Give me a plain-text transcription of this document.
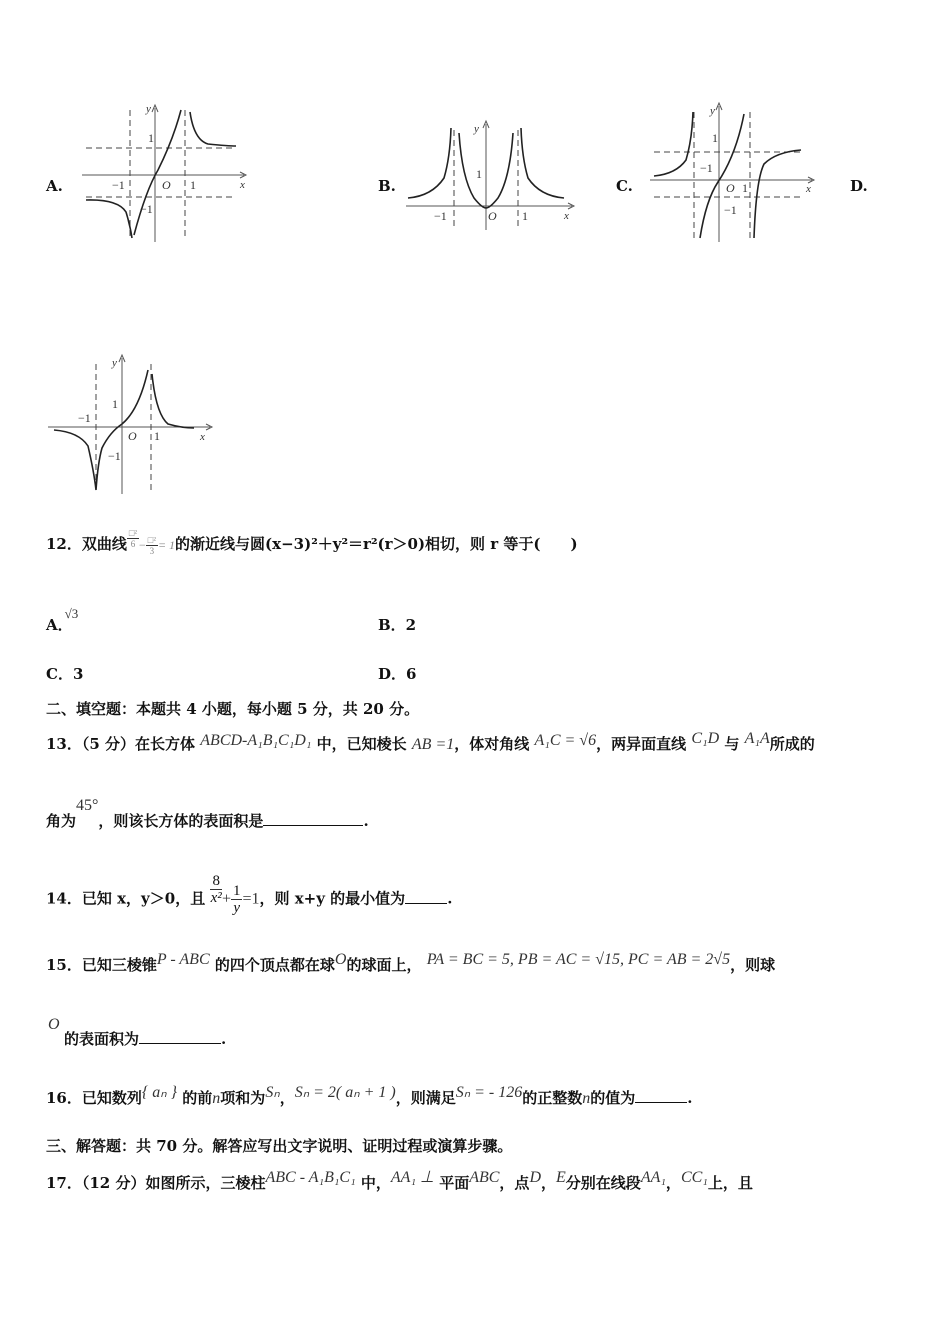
A.
y
x
1
−1	O 1
−1
B.
y
x
1
−1	O 1
C.
y
x
1
−1
O 1
−1
D.
y
x
1
−1
O 1
−1
12．双曲线 $\frac{\text{□²}}{6} - \frac{\text{□²}}{3} = 1$的渐近线与圆(x−3)²＋y²＝r²(r＞0)相切，则 r 等于(　　)
A．√3
B．2
C．3	D．6
二、填空题：本题共 4 小题，每小题 5 分，共 20 分。
13．（5 分）在长方体 ABCD-A₁B₁C₁D₁ 中，已知棱长 AB =1，体对角线 A₁C = √6，两异面直线 C₁D 与 A₁A所成的
角为45°，则该长方体的表面积是	.
14．已知 x，y＞0，且 $\frac{8}{\text{x²}} + \frac{1}{y} =1$，则 x+y 的最小值为	.
15．已知三棱锥P - ABC 的四个顶点都在球O的球面上， PA = BC = 5, PB = AC = √15, PC = AB = 2√5，则球
O
的表面积为	.
16．已知数列{ aₙ } 的前n项和为Sₙ，Sₙ = 2( aₙ + 1 )，则满足Sₙ = - 126的正整数n的值为	.
三、解答题：共 70 分。解答应写出文字说明、证明过程或演算步骤。
17．（12 分）如图所示，三棱柱ABC - A₁B₁C₁ 中，AA₁ ⊥ 平面ABC，点D，E分别在线段AA₁，CC₁上，且
